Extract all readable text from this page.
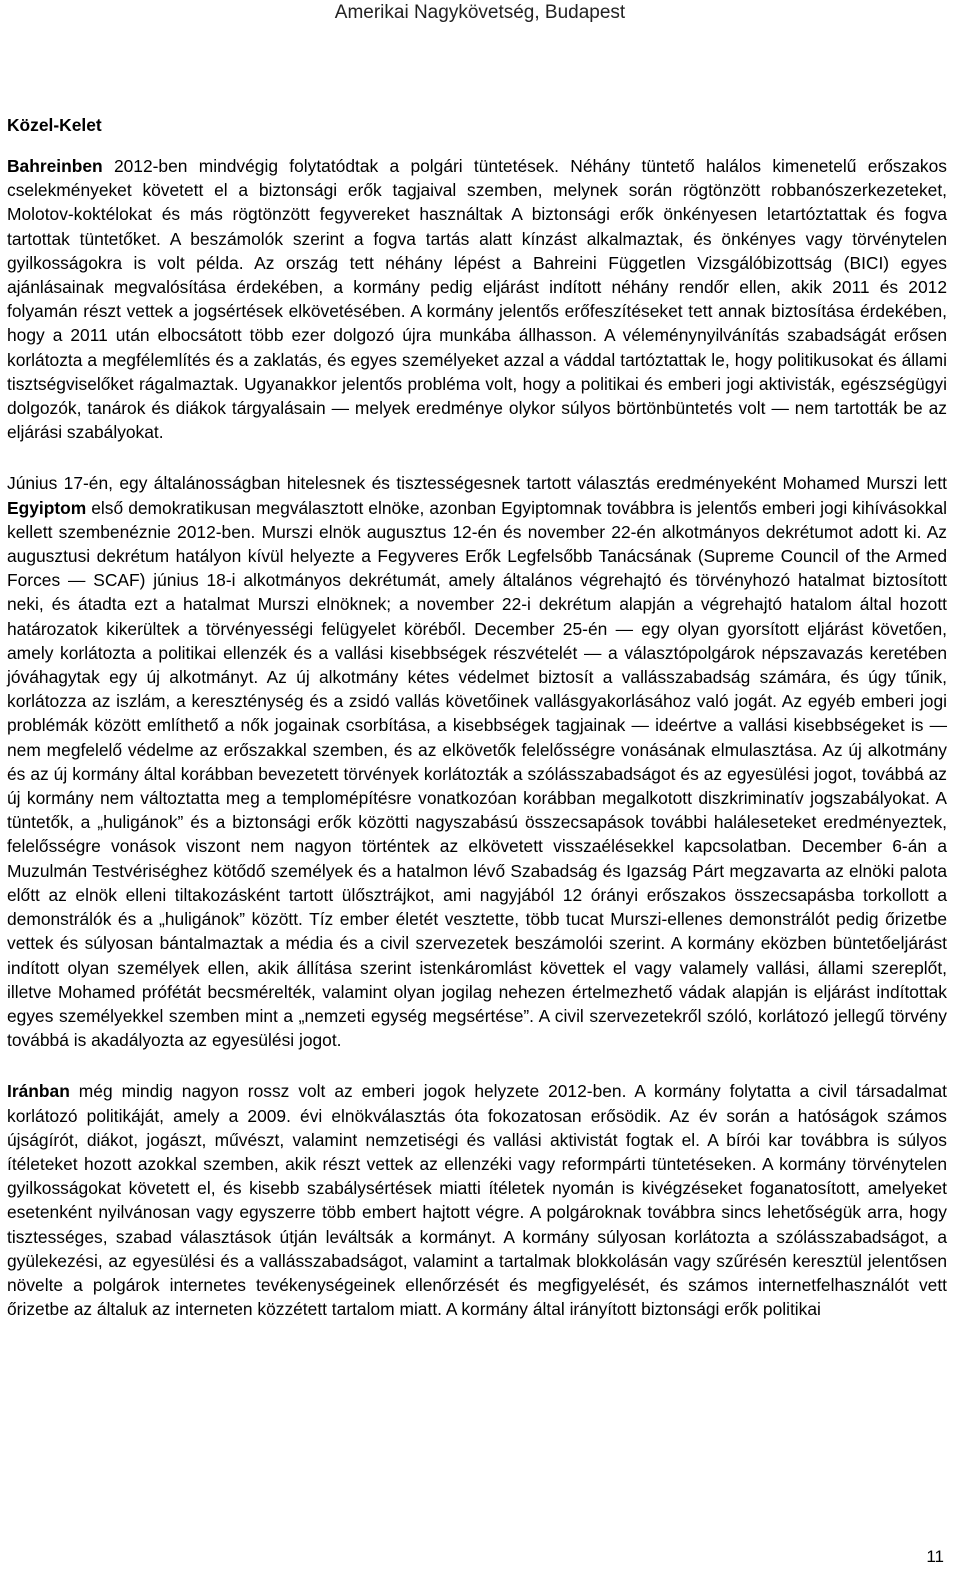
Amerikai Nagykövetség, Budapest
Közel-Kelet

Bahreinben 2012-ben mindvégig folytatódtak a polgári tüntetések. Néhány tüntető halálos kimenetelű erőszakos cselekményeket követett el a biztonsági erők tagjaival szemben, melynek során rögtönzött robbanószerkezeteket, Molotov-koktélokat és más rögtönzött fegyvereket használtak A biztonsági erők önkényesen letartóztattak és fogva tartottak tüntetőket. A beszámolók szerint a fogva tartás alatt kínzást alkalmaztak, és önkényes vagy törvénytelen gyilkosságokra is volt példa. Az ország tett néhány lépést a Bahreini Független Vizsgálóbizottság (BICI) egyes ajánlásainak megvalósítása érdekében, a kormány pedig eljárást indított néhány rendőr ellen, akik 2011 és 2012 folyamán részt vettek a jogsértések elkövetésében. A kormány jelentős erőfeszítéseket tett annak biztosítása érdekében, hogy a 2011 után elbocsátott több ezer dolgozó újra munkába állhasson. A véleménynyilvánítás szabadságát erősen korlátozta a megfélemlítés és a zaklatás, és egyes személyeket azzal a váddal tartóztattak le, hogy politikusokat és állami tisztségviselőket rágalmaztak. Ugyanakkor jelentős probléma volt, hogy a politikai és emberi jogi aktivisták, egészségügyi dolgozók, tanárok és diákok tárgyalásain — melyek eredménye olykor súlyos börtönbüntetés volt — nem tartották be az eljárási szabályokat.

Június 17-én, egy általánosságban hitelesnek és tisztességesnek tartott választás eredményeként Mohamed Murszi lett Egyiptom első demokratikusan megválasztott elnöke, azonban Egyiptomnak továbbra is jelentős emberi jogi kihívásokkal kellett szembenéznie 2012-ben. Murszi elnök augusztus 12-én és november 22-én alkotmányos dekrétumot adott ki. Az augusztusi dekrétum hatályon kívül helyezte a Fegyveres Erők Legfelsőbb Tanácsának (Supreme Council of the Armed Forces — SCAF) június 18-i alkotmányos dekrétumát, amely általános végrehajtó és törvényhozó hatalmat biztosított neki, és átadta ezt a hatalmat Murszi elnöknek; a november 22-i dekrétum alapján a végrehajtó hatalom által hozott határozatok kikerültek a törvényességi felügyelet köréből. December 25-én — egy olyan gyorsított eljárást követően, amely korlátozta a politikai ellenzék és a vallási kisebbségek részvételét — a választópolgárok népszavazás keretében jóváhagytak egy új alkotmányt. Az új alkotmány kétes védelmet biztosít a vallásszabadság számára, és úgy tűnik, korlátozza az iszlám, a kereszténység és a zsidó vallás követőinek vallásgyakorlásához való jogát. Az egyéb emberi jogi problémák között említhető a nők jogainak csorbítása, a kisebbségek tagjainak — ideértve a vallási kisebbségeket is — nem megfelelő védelme az erőszakkal szemben, és az elkövetők felelősségre vonásának elmulasztása. Az új alkotmány és az új kormány által korábban bevezetett törvények korlátozták a szólásszabadságot és az egyesülési jogot, továbbá az új kormány nem változtatta meg a templomépítésre vonatkozóan korábban megalkotott diszkriminatív jogszabályokat. A tüntetők, a „huligánok” és a biztonsági erők közötti nagyszabású összecsapások további haláleseteket eredményeztek, felelősségre vonások viszont nem nagyon történtek az elkövetett visszaélésekkel kapcsolatban. December 6-án a Muzulmán Testvériséghez kötődő személyek és a hatalmon lévő Szabadság és Igazság Párt megzavarta az elnöki palota előtt az elnök elleni tiltakozásként tartott ülősztrájkot, ami nagyjából 12 órányi erőszakos összecsapásba torkollott a demonstrálók és a „huligánok” között. Tíz ember életét vesztette, több tucat Murszi-ellenes demonstrálót pedig őrizetbe vettek és súlyosan bántalmaztak a média és a civil szervezetek beszámolói szerint. A kormány eközben büntetőeljárást indított olyan személyek ellen, akik állítása szerint istenkáromlást követtek el vagy valamely vallási, állami szereplőt, illetve Mohamed prófétát becsmérelték, valamint olyan jogilag nehezen értelmezhető vádak alapján is eljárást indítottak egyes személyekkel szemben mint a „nemzeti egység megsértése”. A civil szervezetekről szóló, korlátozó jellegű törvény továbbá is akadályozta az egyesülési jogot.

Iránban még mindig nagyon rossz volt az emberi jogok helyzete 2012-ben. A kormány folytatta a civil társadalmat korlátozó politikáját, amely a 2009. évi elnökválasztás óta fokozatosan erősödik. Az év során a hatóságok számos újságírót, diákot, jogászt, művészt, valamint nemzetiségi és vallási aktivistát fogtak el. A bírói kar továbbra is súlyos ítéleteket hozott azokkal szemben, akik részt vettek az ellenzéki vagy reformpárti tüntetéseken. A kormány törvénytelen gyilkosságokat követett el, és kisebb szabálysértések miatti ítéletek nyomán is kivégzéseket foganatosított, amelyeket esetenként nyilvánosan vagy egyszerre több embert hajtott végre. A polgároknak továbbra sincs lehetőségük arra, hogy tisztességes, szabad választások útján leváltsák a kormányt. A kormány súlyosan korlátozta a szólásszabadságot, a gyülekezési, az egyesülési és a vallásszabadságot, valamint a tartalmak blokkolásán vagy szűrésén keresztül jelentősen növelte a polgárok internetes tevékenységeinek ellenőrzését és megfigyelését, és számos internetfelhasználót vett őrizetbe az általuk az interneten közzétett tartalom miatt. A kormány által irányított biztonsági erők politikai

11
